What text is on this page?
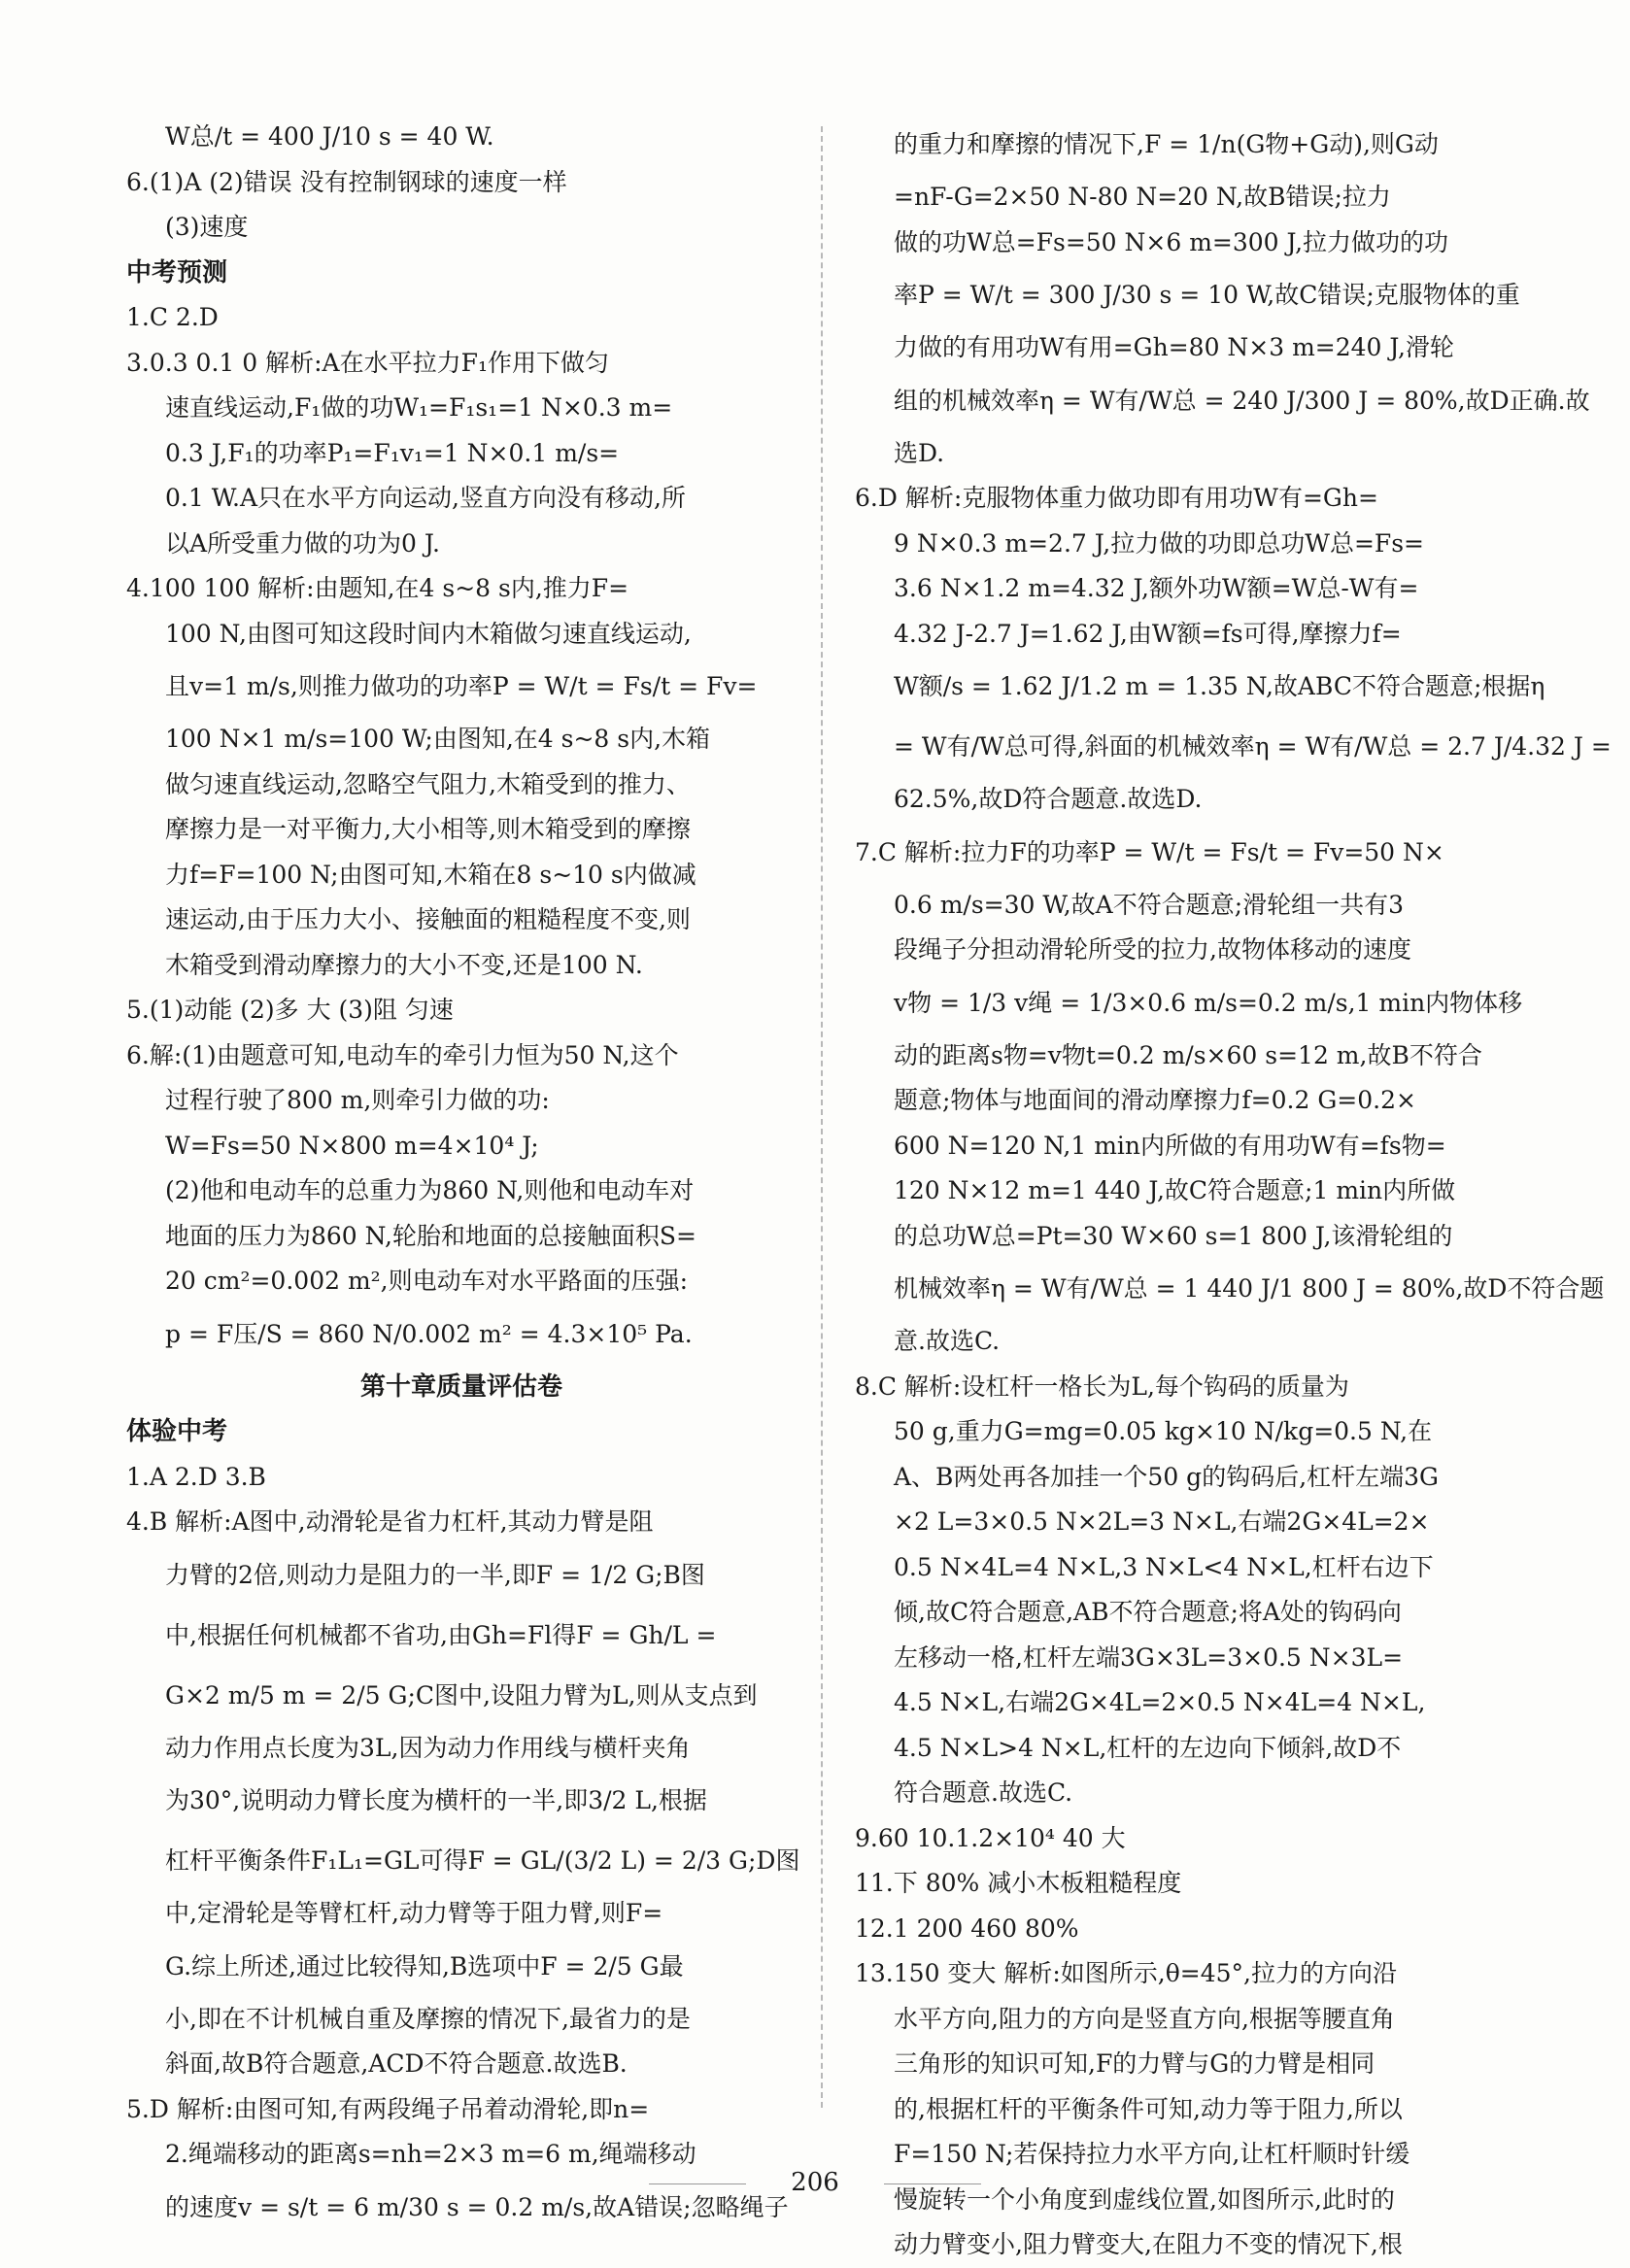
W总/t = 400 J/10 s = 40 W.
6.(1)A (2)错误 没有控制钢球的速度一样
(3)速度
中考预测
1.C 2.D
3.0.3 0.1 0 解析:A在水平拉力F₁作用下做匀
速直线运动,F₁做的功W₁=F₁s₁=1 N×0.3 m=
0.3 J,F₁的功率P₁=F₁v₁=1 N×0.1 m/s=
0.1 W.A只在水平方向运动,竖直方向没有移动,所
以A所受重力做的功为0 J.
4.100 100 解析:由题知,在4 s~8 s内,推力F=
100 N,由图可知这段时间内木箱做匀速直线运动,
且v=1 m/s,则推力做功的功率P = W/t = Fs/t = Fv=
100 N×1 m/s=100 W;由图知,在4 s~8 s内,木箱
做匀速直线运动,忽略空气阻力,木箱受到的推力、
摩擦力是一对平衡力,大小相等,则木箱受到的摩擦
力f=F=100 N;由图可知,木箱在8 s~10 s内做减
速运动,由于压力大小、接触面的粗糙程度不变,则
木箱受到滑动摩擦力的大小不变,还是100 N.
5.(1)动能 (2)多 大 (3)阻 匀速
6.解:(1)由题意可知,电动车的牵引力恒为50 N,这个
过程行驶了800 m,则牵引力做的功:
W=Fs=50 N×800 m=4×10⁴ J;
(2)他和电动车的总重力为860 N,则他和电动车对
地面的压力为860 N,轮胎和地面的总接触面积S=
20 cm²=0.002 m²,则电动车对水平路面的压强:
p = F压/S = 860 N/0.002 m² = 4.3×10⁵ Pa.
第十章质量评估卷
体验中考
1.A 2.D 3.B
4.B 解析:A图中,动滑轮是省力杠杆,其动力臂是阻
力臂的2倍,则动力是阻力的一半,即F = 1/2 G;B图
中,根据任何机械都不省功,由Gh=Fl得F = Gh/L =
G×2 m/5 m = 2/5 G;C图中,设阻力臂为L,则从支点到
动力作用点长度为3L,因为动力作用线与横杆夹角
为30°,说明动力臂长度为横杆的一半,即3/2 L,根据
杠杆平衡条件F₁L₁=GL可得F = GL/(3/2 L) = 2/3 G;D图
中,定滑轮是等臂杠杆,动力臂等于阻力臂,则F=
G.综上所述,通过比较得知,B选项中F = 2/5 G最
小,即在不计机械自重及摩擦的情况下,最省力的是
斜面,故B符合题意,ACD不符合题意.故选B.
5.D 解析:由图可知,有两段绳子吊着动滑轮,即n=
2.绳端移动的距离s=nh=2×3 m=6 m,绳端移动
的速度v = s/t = 6 m/30 s = 0.2 m/s,故A错误;忽略绳子
的重力和摩擦的情况下,F = 1/n(G物+G动),则G动
=nF-G=2×50 N-80 N=20 N,故B错误;拉力
做的功W总=Fs=50 N×6 m=300 J,拉力做功的功
率P = W/t = 300 J/30 s = 10 W,故C错误;克服物体的重
力做的有用功W有用=Gh=80 N×3 m=240 J,滑轮
组的机械效率η = W有/W总 = 240 J/300 J = 80%,故D正确.故
选D.
6.D 解析:克服物体重力做功即有用功W有=Gh=
9 N×0.3 m=2.7 J,拉力做的功即总功W总=Fs=
3.6 N×1.2 m=4.32 J,额外功W额=W总-W有=
4.32 J-2.7 J=1.62 J,由W额=fs可得,摩擦力f=
W额/s = 1.62 J/1.2 m = 1.35 N,故ABC不符合题意;根据η
= W有/W总可得,斜面的机械效率η = W有/W总 = 2.7 J/4.32 J =
62.5%,故D符合题意.故选D.
7.C 解析:拉力F的功率P = W/t = Fs/t = Fv=50 N×
0.6 m/s=30 W,故A不符合题意;滑轮组一共有3
段绳子分担动滑轮所受的拉力,故物体移动的速度
v物 = 1/3 v绳 = 1/3×0.6 m/s=0.2 m/s,1 min内物体移
动的距离s物=v物t=0.2 m/s×60 s=12 m,故B不符合
题意;物体与地面间的滑动摩擦力f=0.2 G=0.2×
600 N=120 N,1 min内所做的有用功W有=fs物=
120 N×12 m=1 440 J,故C符合题意;1 min内所做
的总功W总=Pt=30 W×60 s=1 800 J,该滑轮组的
机械效率η = W有/W总 = 1 440 J/1 800 J = 80%,故D不符合题
意.故选C.
8.C 解析:设杠杆一格长为L,每个钩码的质量为
50 g,重力G=mg=0.05 kg×10 N/kg=0.5 N,在
A、B两处再各加挂一个50 g的钩码后,杠杆左端3G
×2 L=3×0.5 N×2L=3 N×L,右端2G×4L=2×
0.5 N×4L=4 N×L,3 N×L<4 N×L,杠杆右边下
倾,故C符合题意,AB不符合题意;将A处的钩码向
左移动一格,杠杆左端3G×3L=3×0.5 N×3L=
4.5 N×L,右端2G×4L=2×0.5 N×4L=4 N×L,
4.5 N×L>4 N×L,杠杆的左边向下倾斜,故D不
符合题意.故选C.
9.60 10.1.2×10⁴ 40 大
11.下 80% 减小木板粗糙程度
12.1 200 460 80%
13.150 变大 解析:如图所示,θ=45°,拉力的方向沿
水平方向,阻力的方向是竖直方向,根据等腰直角
三角形的知识可知,F的力臂与G的力臂是相同
的,根据杠杆的平衡条件可知,动力等于阻力,所以
F=150 N;若保持拉力水平方向,让杠杆顺时针缓
慢旋转一个小角度到虚线位置,如图所示,此时的
动力臂变小,阻力臂变大,在阻力不变的情况下,根
206
